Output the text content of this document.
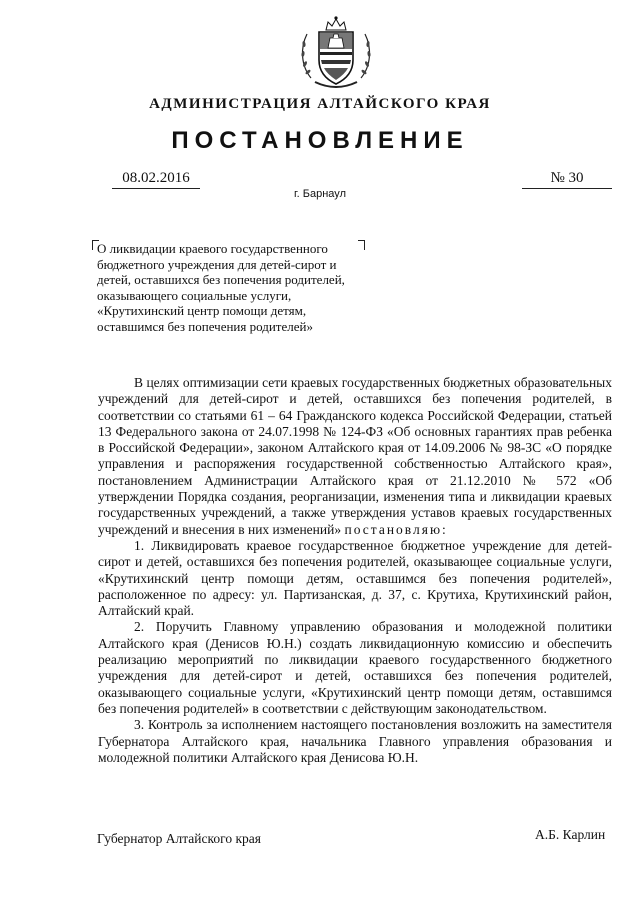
АДМИНИСТРАЦИЯ АЛТАЙСКОГО КРАЯ
ПОСТАНОВЛЕНИЕ
08.02.2016	№ 30
г. Барнаул
О ликвидации краевого государственного бюджетного учреждения для детей-сирот и детей, оставшихся без попечения родителей, оказывающего социальные услуги, «Крутихинский центр помощи детям, оставшимся без попечения родителей»

В целях оптимизации сети краевых государственных бюджетных образовательных учреждений для детей-сирот и детей, оставшихся без попечения родителей, в соответствии со статьями 61 – 64 Гражданского кодекса Российской Федерации, статьей 13 Федерального закона от 24.07.1998 № 124-ФЗ «Об основных гарантиях прав ребенка в Российской Федерации», законом Алтайского края от 14.09.2006 № 98-ЗС «О порядке управления и распоряжения государственной собственностью Алтайского края», постановлением Администрации Алтайского края от 21.12.2010 № 572 «Об утверждении Порядка создания, реорганизации, изменения типа и ликвидации краевых государственных учреждений, а также утверждения уставов краевых государственных учреждений и внесения в них изменений» постановляю:

1. Ликвидировать краевое государственное бюджетное учреждение для детей-сирот и детей, оставшихся без попечения родителей, оказывающее социальные услуги, «Крутихинский центр помощи детям, оставшимся без попечения родителей», расположенное по адресу: ул. Партизанская, д. 37, с. Крутиха, Крутихинский район, Алтайский край.

2. Поручить Главному управлению образования и молодежной политики Алтайского края (Денисов Ю.Н.) создать ликвидационную комиссию и обеспечить реализацию мероприятий по ликвидации краевого государственного бюджетного учреждения для детей-сирот и детей, оставшихся без попечения родителей, оказывающего социальные услуги, «Крутихинский центр помощи детям, оставшимся без попечения родителей» в соответствии с действующим законодательством.

3. Контроль за исполнением настоящего постановления возложить на заместителя Губернатора Алтайского края, начальника Главного управления образования и молодежной политики Алтайского края Денисова Ю.Н.

Губернатор Алтайского края	А.Б. Карлин
